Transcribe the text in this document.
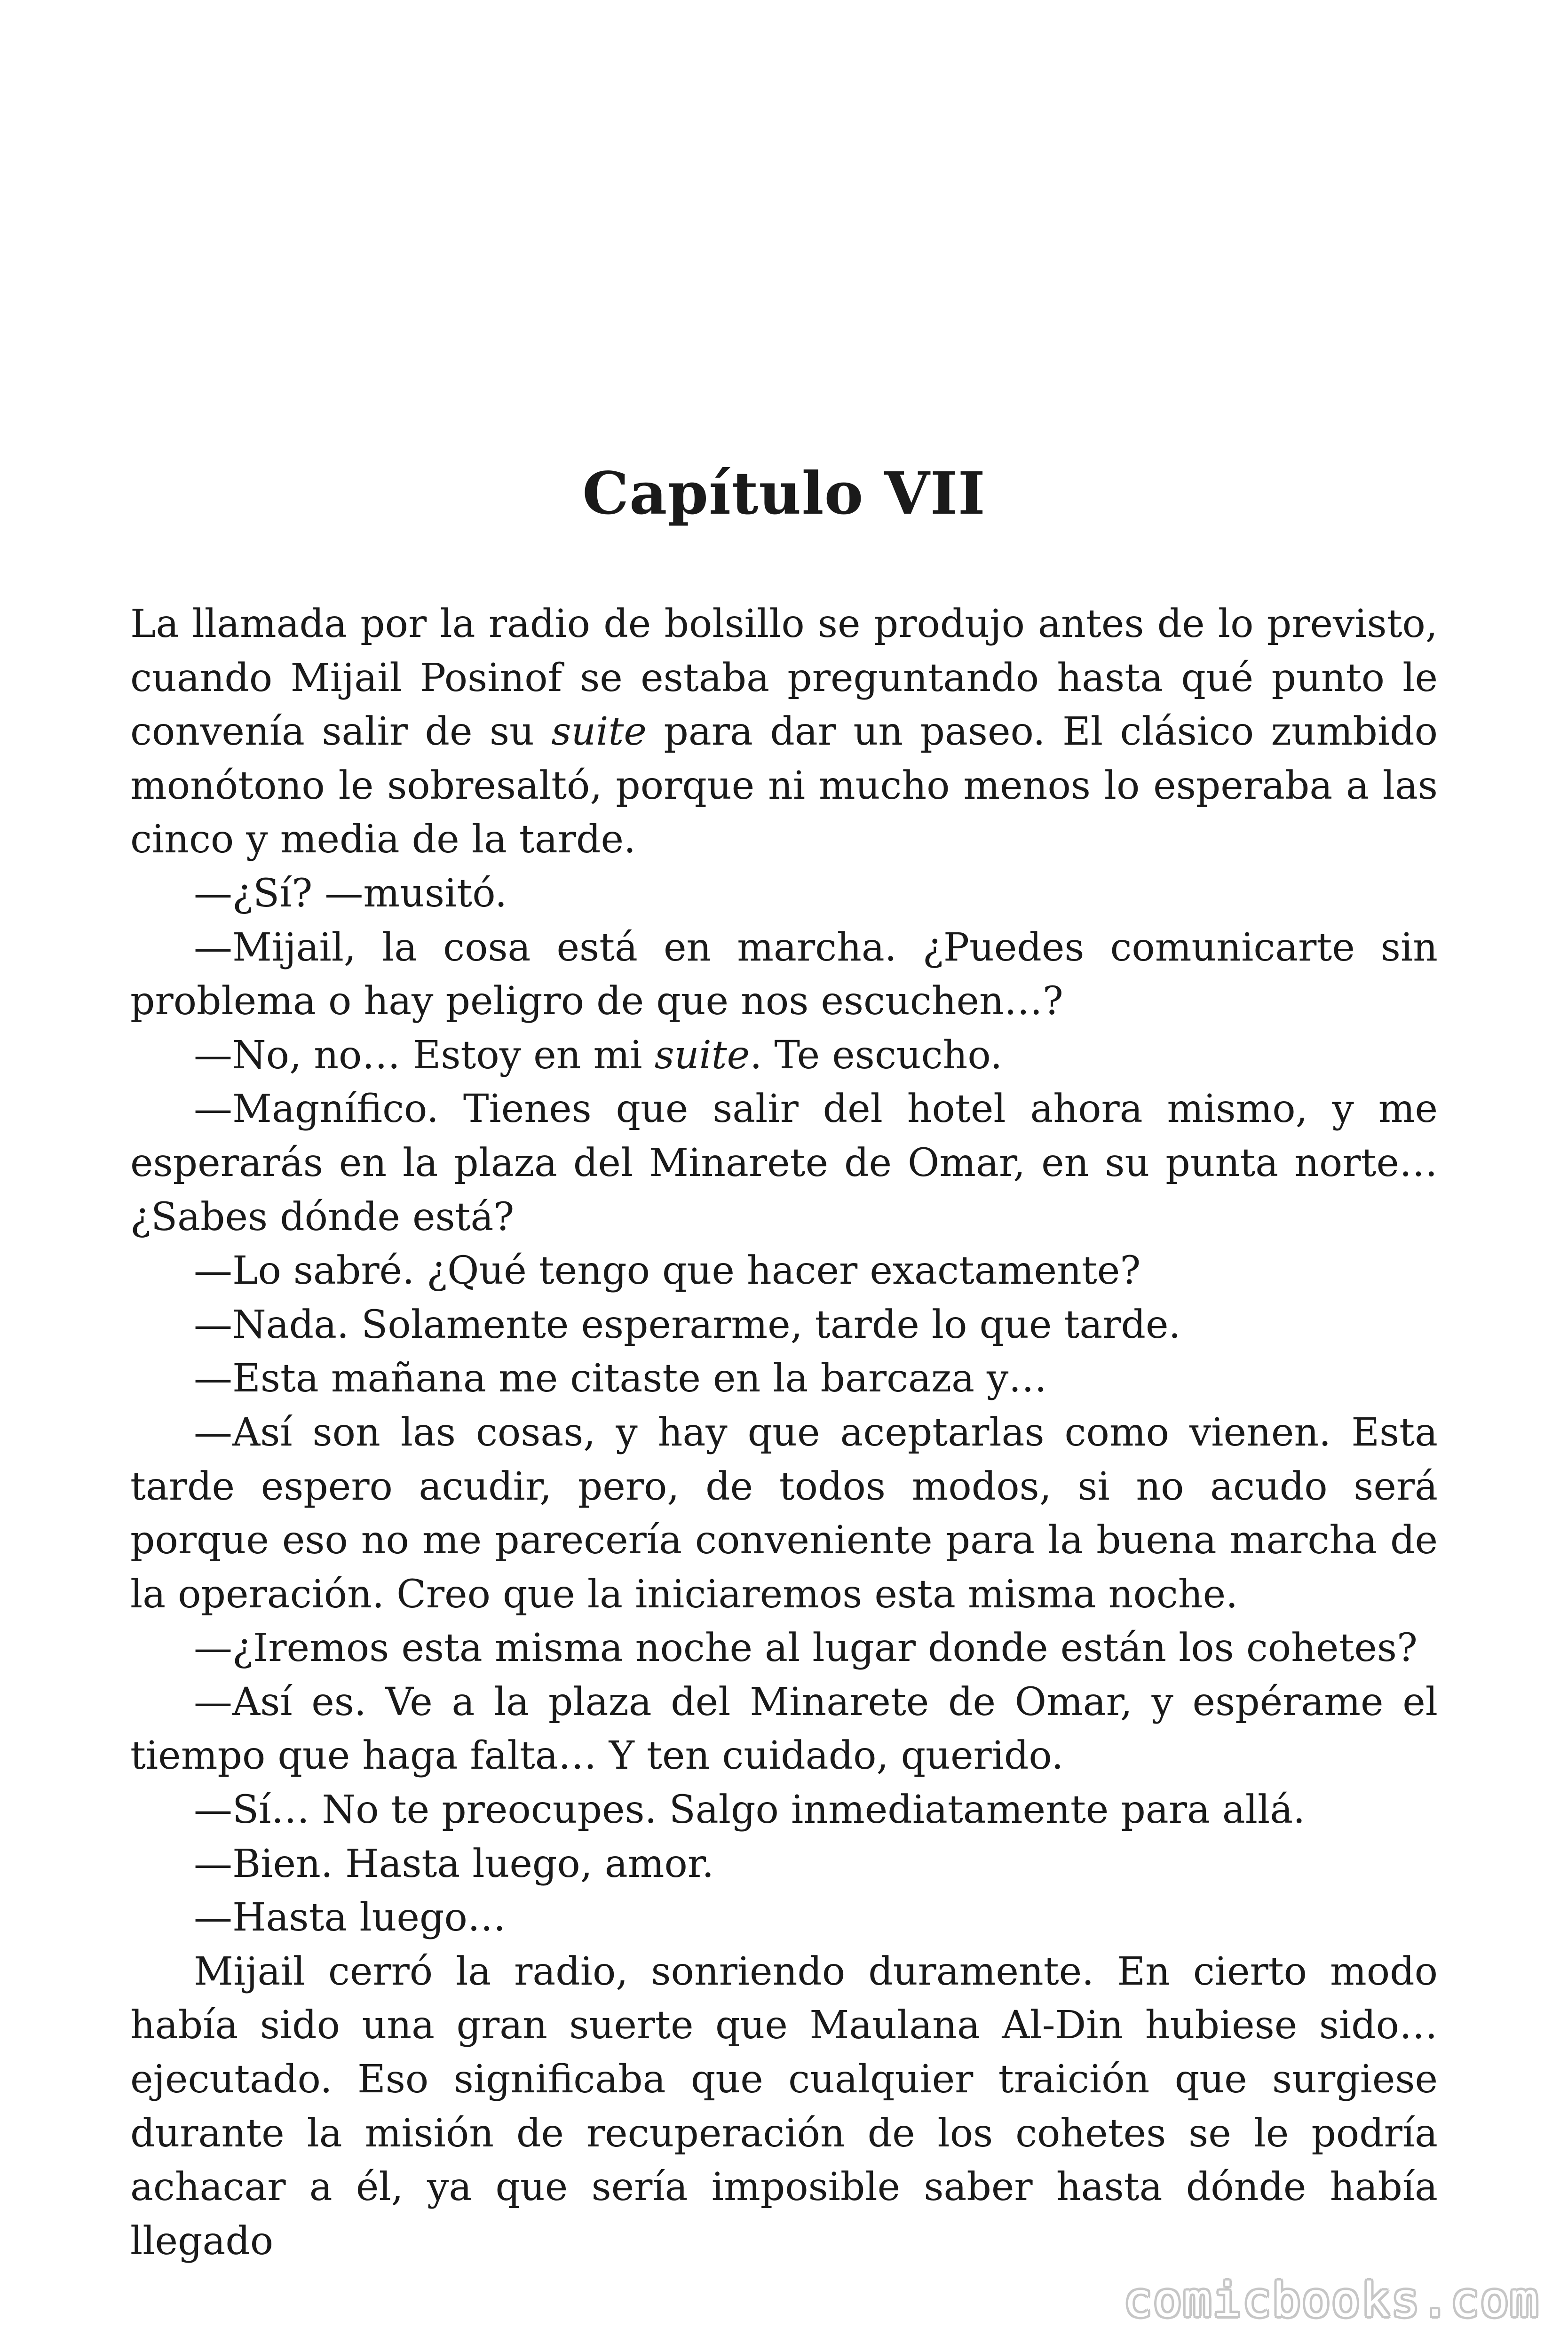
Capítulo VII

La llamada por la radio de bolsillo se produjo antes de lo previsto, cuando Mijail Posinof se estaba preguntando hasta qué punto le convenía salir de su suite para dar un paseo. El clásico zumbido monótono le sobresaltó, porque ni mucho menos lo esperaba a las cinco y media de la tarde.

—¿Sí? —musitó.

—Mijail, la cosa está en marcha. ¿Puedes comunicarte sin problema o hay peligro de que nos escuchen…?

—No, no… Estoy en mi suite. Te escucho.

—Magnífico. Tienes que salir del hotel ahora mismo, y me esperarás en la plaza del Minarete de Omar, en su punta norte… ¿Sabes dónde está?

—Lo sabré. ¿Qué tengo que hacer exactamente?

—Nada. Solamente esperarme, tarde lo que tarde.

—Esta mañana me citaste en la barcaza y…

—Así son las cosas, y hay que aceptarlas como vienen. Esta tarde espero acudir, pero, de todos modos, si no acudo será porque eso no me parecería conveniente para la buena marcha de la operación. Creo que la iniciaremos esta misma noche.

—¿Iremos esta misma noche al lugar donde están los cohetes?

—Así es. Ve a la plaza del Minarete de Omar, y espérame el tiempo que haga falta… Y ten cuidado, querido.

—Sí… No te preocupes. Salgo inmediatamente para allá.

—Bien. Hasta luego, amor.

—Hasta luego…

Mijail cerró la radio, sonriendo duramente. En cierto modo había sido una gran suerte que Maulana Al-Din hubiese sido… ejecutado. Eso significaba que cualquier traición que surgiese durante la misión de recuperación de los cohetes se le podría achacar a él, ya que sería imposible saber hasta dónde había llegado

comicbooks.com
